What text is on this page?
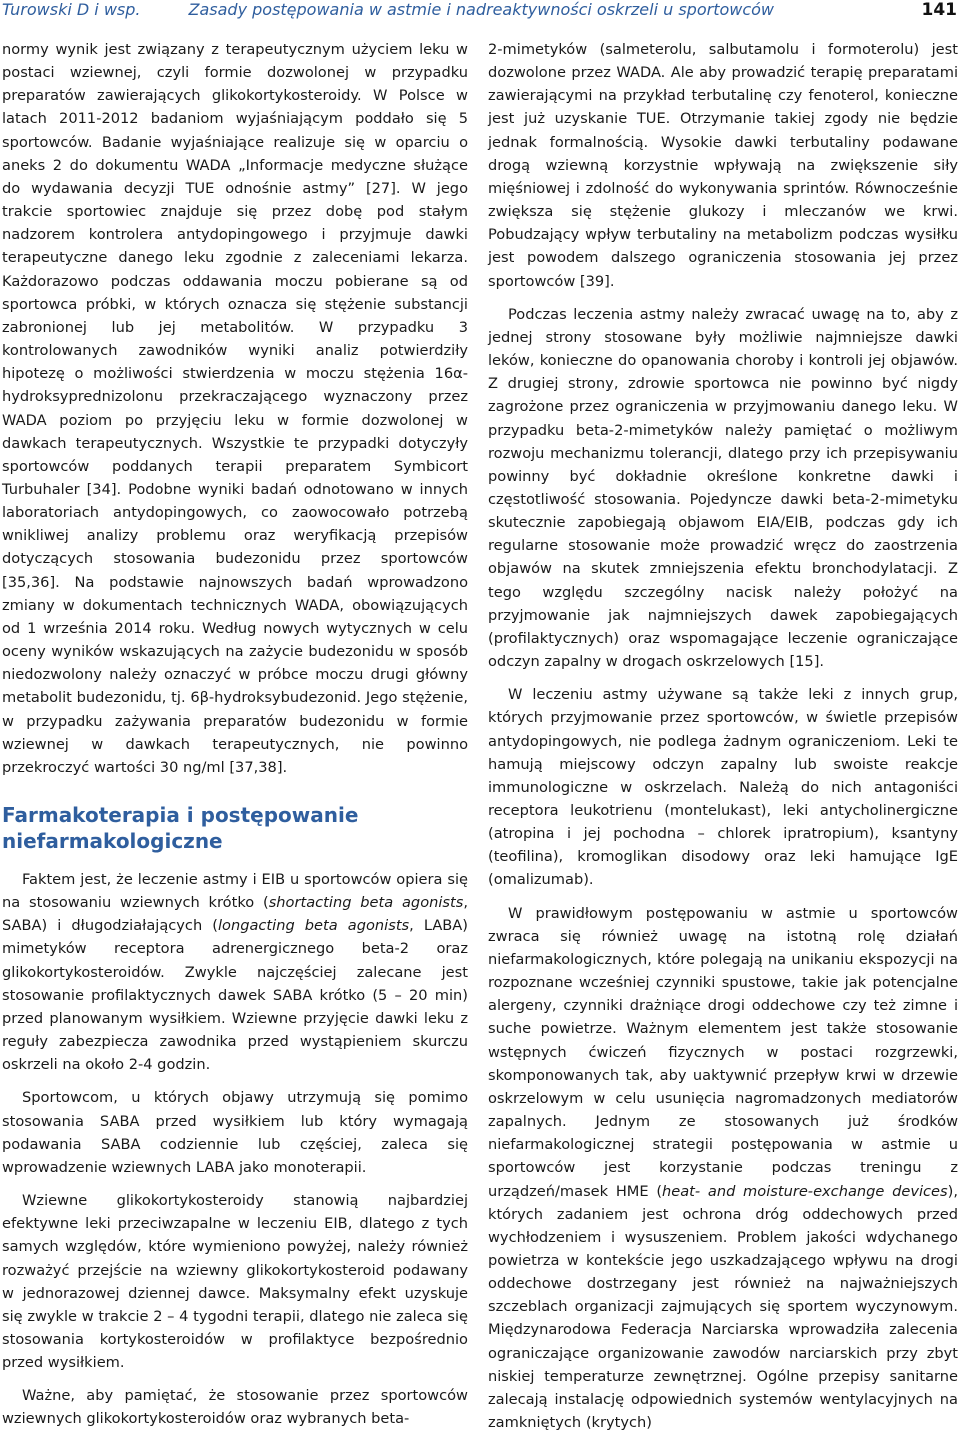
Turowski D i wsp.	Zasady postępowania w astmie i nadreaktywności oskrzeli u sportowców	141

normy wynik jest związany z terapeutycznym użyciem leku w postaci wziewnej, czyli formie dozwolonej w przypadku preparatów zawierających glikokortykosteroidy. W Polsce w latach 2011-2012 badaniom wyjaśniającym poddało się 5 sportowców. Badanie wyjaśniające realizuje się w oparciu o aneks 2 do dokumentu WADA „Informacje medyczne służące do wydawania decyzji TUE odnośnie astmy” [27]. W jego trakcie sportowiec znajduje się przez dobę pod stałym nadzorem kontrolera antydopingowego i przyjmuje dawki terapeutyczne danego leku zgodnie z zaleceniami lekarza. Każdorazowo podczas oddawania moczu pobierane są od sportowca próbki, w których oznacza się stężenie substancji zabronionej lub jej metabolitów. W przypadku 3 kontrolowanych zawodników wyniki analiz potwierdziły hipotezę o możliwości stwierdzenia w moczu stężenia 16α-hydroksyprednizolonu przekraczającego wyznaczony przez WADA poziom po przyjęciu leku w formie dozwolonej w dawkach terapeutycznych. Wszystkie te przypadki dotyczyły sportowców poddanych terapii preparatem Symbicort Turbuhaler [34]. Podobne wyniki badań odnotowano w innych laboratoriach antydopingowych, co zaowocowało potrzebą wnikliwej analizy problemu oraz weryfikacją przepisów dotyczących stosowania budezonidu przez sportowców [35,36]. Na podstawie najnowszych badań wprowadzono zmiany w dokumentach technicznych WADA, obowiązujących od 1 września 2014 roku. Według nowych wytycznych w celu oceny wyników wskazujących na zażycie budezonidu w sposób niedozwolony należy oznaczyć w próbce moczu drugi główny metabolit budezonidu, tj. 6β-hydroksybudezonid. Jego stężenie, w przypadku zażywania preparatów budezonidu w formie wziewnej w dawkach terapeutycznych, nie powinno przekroczyć wartości 30 ng/ml [37,38].

Farmakoterapia i postępowanie niefarmakologiczne

Faktem jest, że leczenie astmy i EIB u sportowców opiera się na stosowaniu wziewnych krótko (shortacting beta agonists, SABA) i długodziałających (longacting beta agonists, LABA) mimetyków receptora adrenergicznego beta-2 oraz glikokortykosteroidów. Zwykle najczęściej zalecane jest stosowanie profilaktycznych dawek SABA krótko (5 – 20 min) przed planowanym wysiłkiem. Wziewne przyjęcie dawki leku z reguły zabezpiecza zawodnika przed wystąpieniem skurczu oskrzeli na około 2-4 godzin.

Sportowcom, u których objawy utrzymują się pomimo stosowania SABA przed wysiłkiem lub który wymagają podawania SABA codziennie lub częściej, zaleca się wprowadzenie wziewnych LABA jako monoterapii.

Wziewne glikokortykosteroidy stanowią najbardziej efektywne leki przeciwzapalne w leczeniu EIB, dlatego z tych samych względów, które wymieniono powyżej, należy również rozważyć przejście na wziewny glikokortykosteroid podawany w jednorazowej dziennej dawce. Maksymalny efekt uzyskuje się zwykle w trakcie 2 – 4 tygodni terapii, dlatego nie zaleca się stosowania kortykosteroidów w profilaktyce bezpośrednio przed wysiłkiem.

Ważne, aby pamiętać, że stosowanie przez sportowców wziewnych glikokortykosteroidów oraz wybranych beta-

2-mimetyków (salmeterolu, salbutamolu i formoterolu) jest dozwolone przez WADA. Ale aby prowadzić terapię preparatami zawierającymi na przykład terbutalinę czy fenoterol, konieczne jest już uzyskanie TUE. Otrzymanie takiej zgody nie będzie jednak formalnością. Wysokie dawki terbutaliny podawane drogą wziewną korzystnie wpływają na zwiększenie siły mięśniowej i zdolność do wykonywania sprintów. Równocześnie zwiększa się stężenie glukozy i mleczanów we krwi. Pobudzający wpływ terbutaliny na metabolizm podczas wysiłku jest powodem dalszego ograniczenia stosowania jej przez sportowców [39].

Podczas leczenia astmy należy zwracać uwagę na to, aby z jednej strony stosowane były możliwie najmniejsze dawki leków, konieczne do opanowania choroby i kontroli jej objawów. Z drugiej strony, zdrowie sportowca nie powinno być nigdy zagrożone przez ograniczenia w przyjmowaniu danego leku. W przypadku beta-2-mimetyków należy pamiętać o możliwym rozwoju mechanizmu tolerancji, dlatego przy ich przepisywaniu powinny być dokładnie określone konkretne dawki i częstotliwość stosowania. Pojedyncze dawki beta-2-mimetyku skutecznie zapobiegają objawom EIA/EIB, podczas gdy ich regularne stosowanie może prowadzić wręcz do zaostrzenia objawów na skutek zmniejszenia efektu bronchodylatacji. Z tego względu szczególny nacisk należy położyć na przyjmowanie jak najmniejszych dawek zapobiegających (profilaktycznych) oraz wspomagające leczenie ograniczające odczyn zapalny w drogach oskrzelowych [15].

W leczeniu astmy używane są także leki z innych grup, których przyjmowanie przez sportowców, w świetle przepisów antydopingowych, nie podlega żadnym ograniczeniom. Leki te hamują miejscowy odczyn zapalny lub swoiste reakcje immunologiczne w oskrzelach. Należą do nich antagoniści receptora leukotrienu (montelukast), leki antycholinergiczne (atropina i jej pochodna – chlorek ipratropium), ksantyny (teofilina), kromoglikan disodowy oraz leki hamujące IgE (omalizumab).

W prawidłowym postępowaniu w astmie u sportowców zwraca się również uwagę na istotną rolę działań niefarmakologicznych, które polegają na unikaniu ekspozycji na rozpoznane wcześniej czynniki spustowe, takie jak potencjalne alergeny, czynniki drażniące drogi oddechowe czy też zimne i suche powietrze. Ważnym elementem jest także stosowanie wstępnych ćwiczeń fizycznych w postaci rozgrzewki, skomponowanych tak, aby uaktywnić przepływ krwi w drzewie oskrzelowym w celu usunięcia nagromadzonych mediatorów zapalnych. Jednym ze stosowanych już środków niefarmakologicznej strategii postępowania w astmie u sportowców jest korzystanie podczas treningu z urządzeń/masek HME (heat- and moisture-exchange devices), których zadaniem jest ochrona dróg oddechowych przed wychłodzeniem i wysuszeniem. Problem jakości wdychanego powietrza w kontekście jego uszkadzającego wpływu na drogi oddechowe dostrzegany jest również na najważniejszych szczeblach organizacji zajmujących się sportem wyczynowym. Międzynarodowa Federacja Narciarska wprowadziła zalecenia ograniczające organizowanie zawodów narciarskich przy zbyt niskiej temperaturze zewnętrznej. Ogólne przepisy sanitarne zalecają instalację odpowiednich systemów wentylacyjnych na zamkniętych (krytych)
